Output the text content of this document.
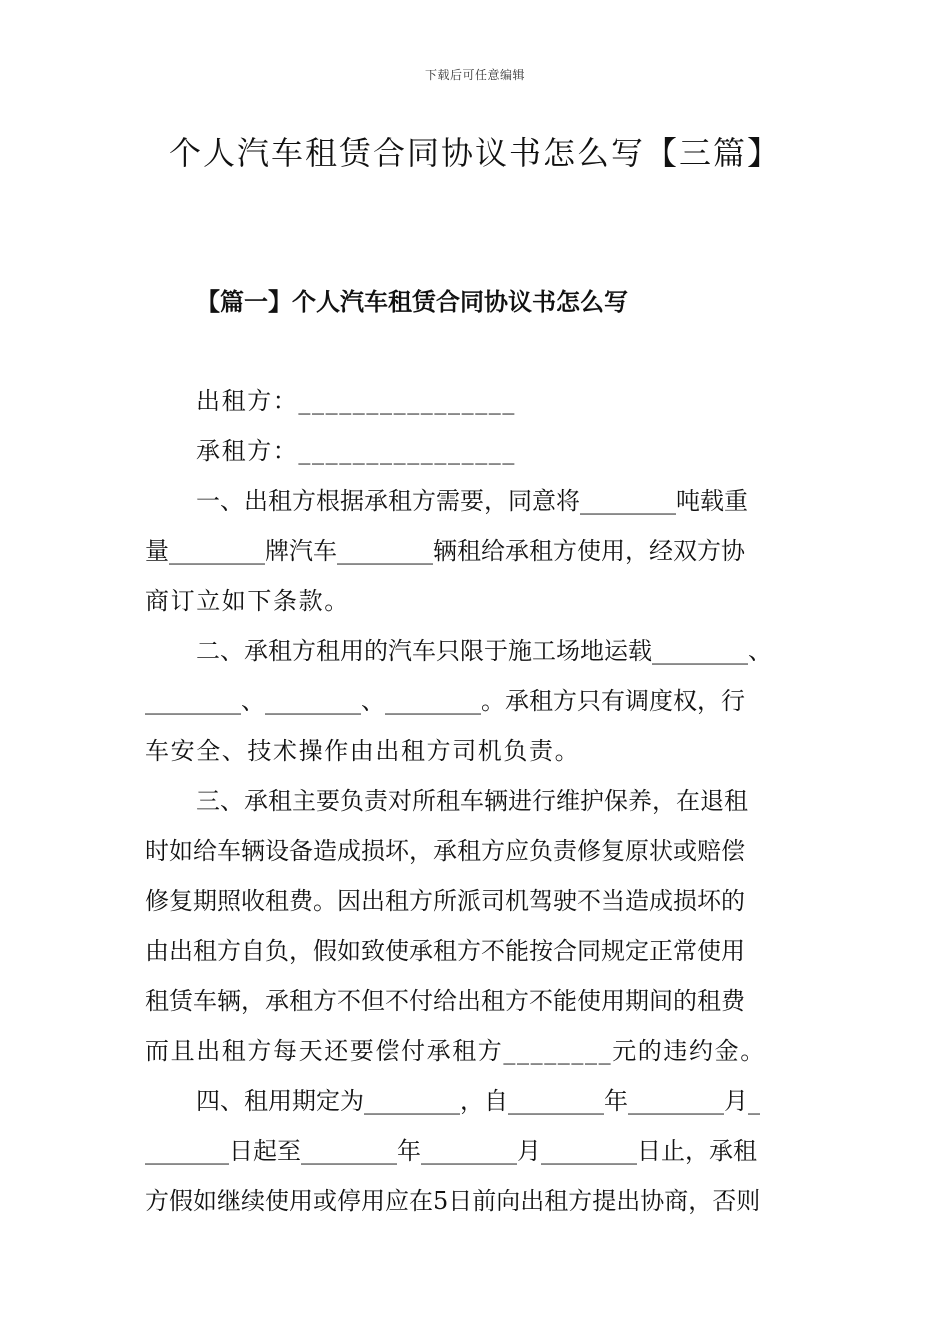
下载后可任意编辑
个人汽车租赁合同协议书怎么写【三篇】
【篇一】个人汽车租赁合同协议书怎么写

出租方：________________

承租方：________________

一、出租方根据承租方需要，同意将________吨载重

量________牌汽车________辆租给承租方使用，经双方协

商订立如下条款。

二、承租方租用的汽车只限于施工场地运载________、

________、________、________。承租方只有调度权，行

车安全、技术操作由出租方司机负责。

三、承租主要负责对所租车辆进行维护保养，在退租

时如给车辆设备造成损坏，承租方应负责修复原状或赔偿

修复期照收租费。因出租方所派司机驾驶不当造成损坏的

由出租方自负，假如致使承租方不能按合同规定正常使用

租赁车辆，承租方不但不付给出租方不能使用期间的租费

而且出租方每天还要偿付承租方________元的违约金。

四、租用期定为________，自________年________月_

_______日起至________年________月________日止，承租

方假如继续使用或停用应在5日前向出租方提出协商，否则
